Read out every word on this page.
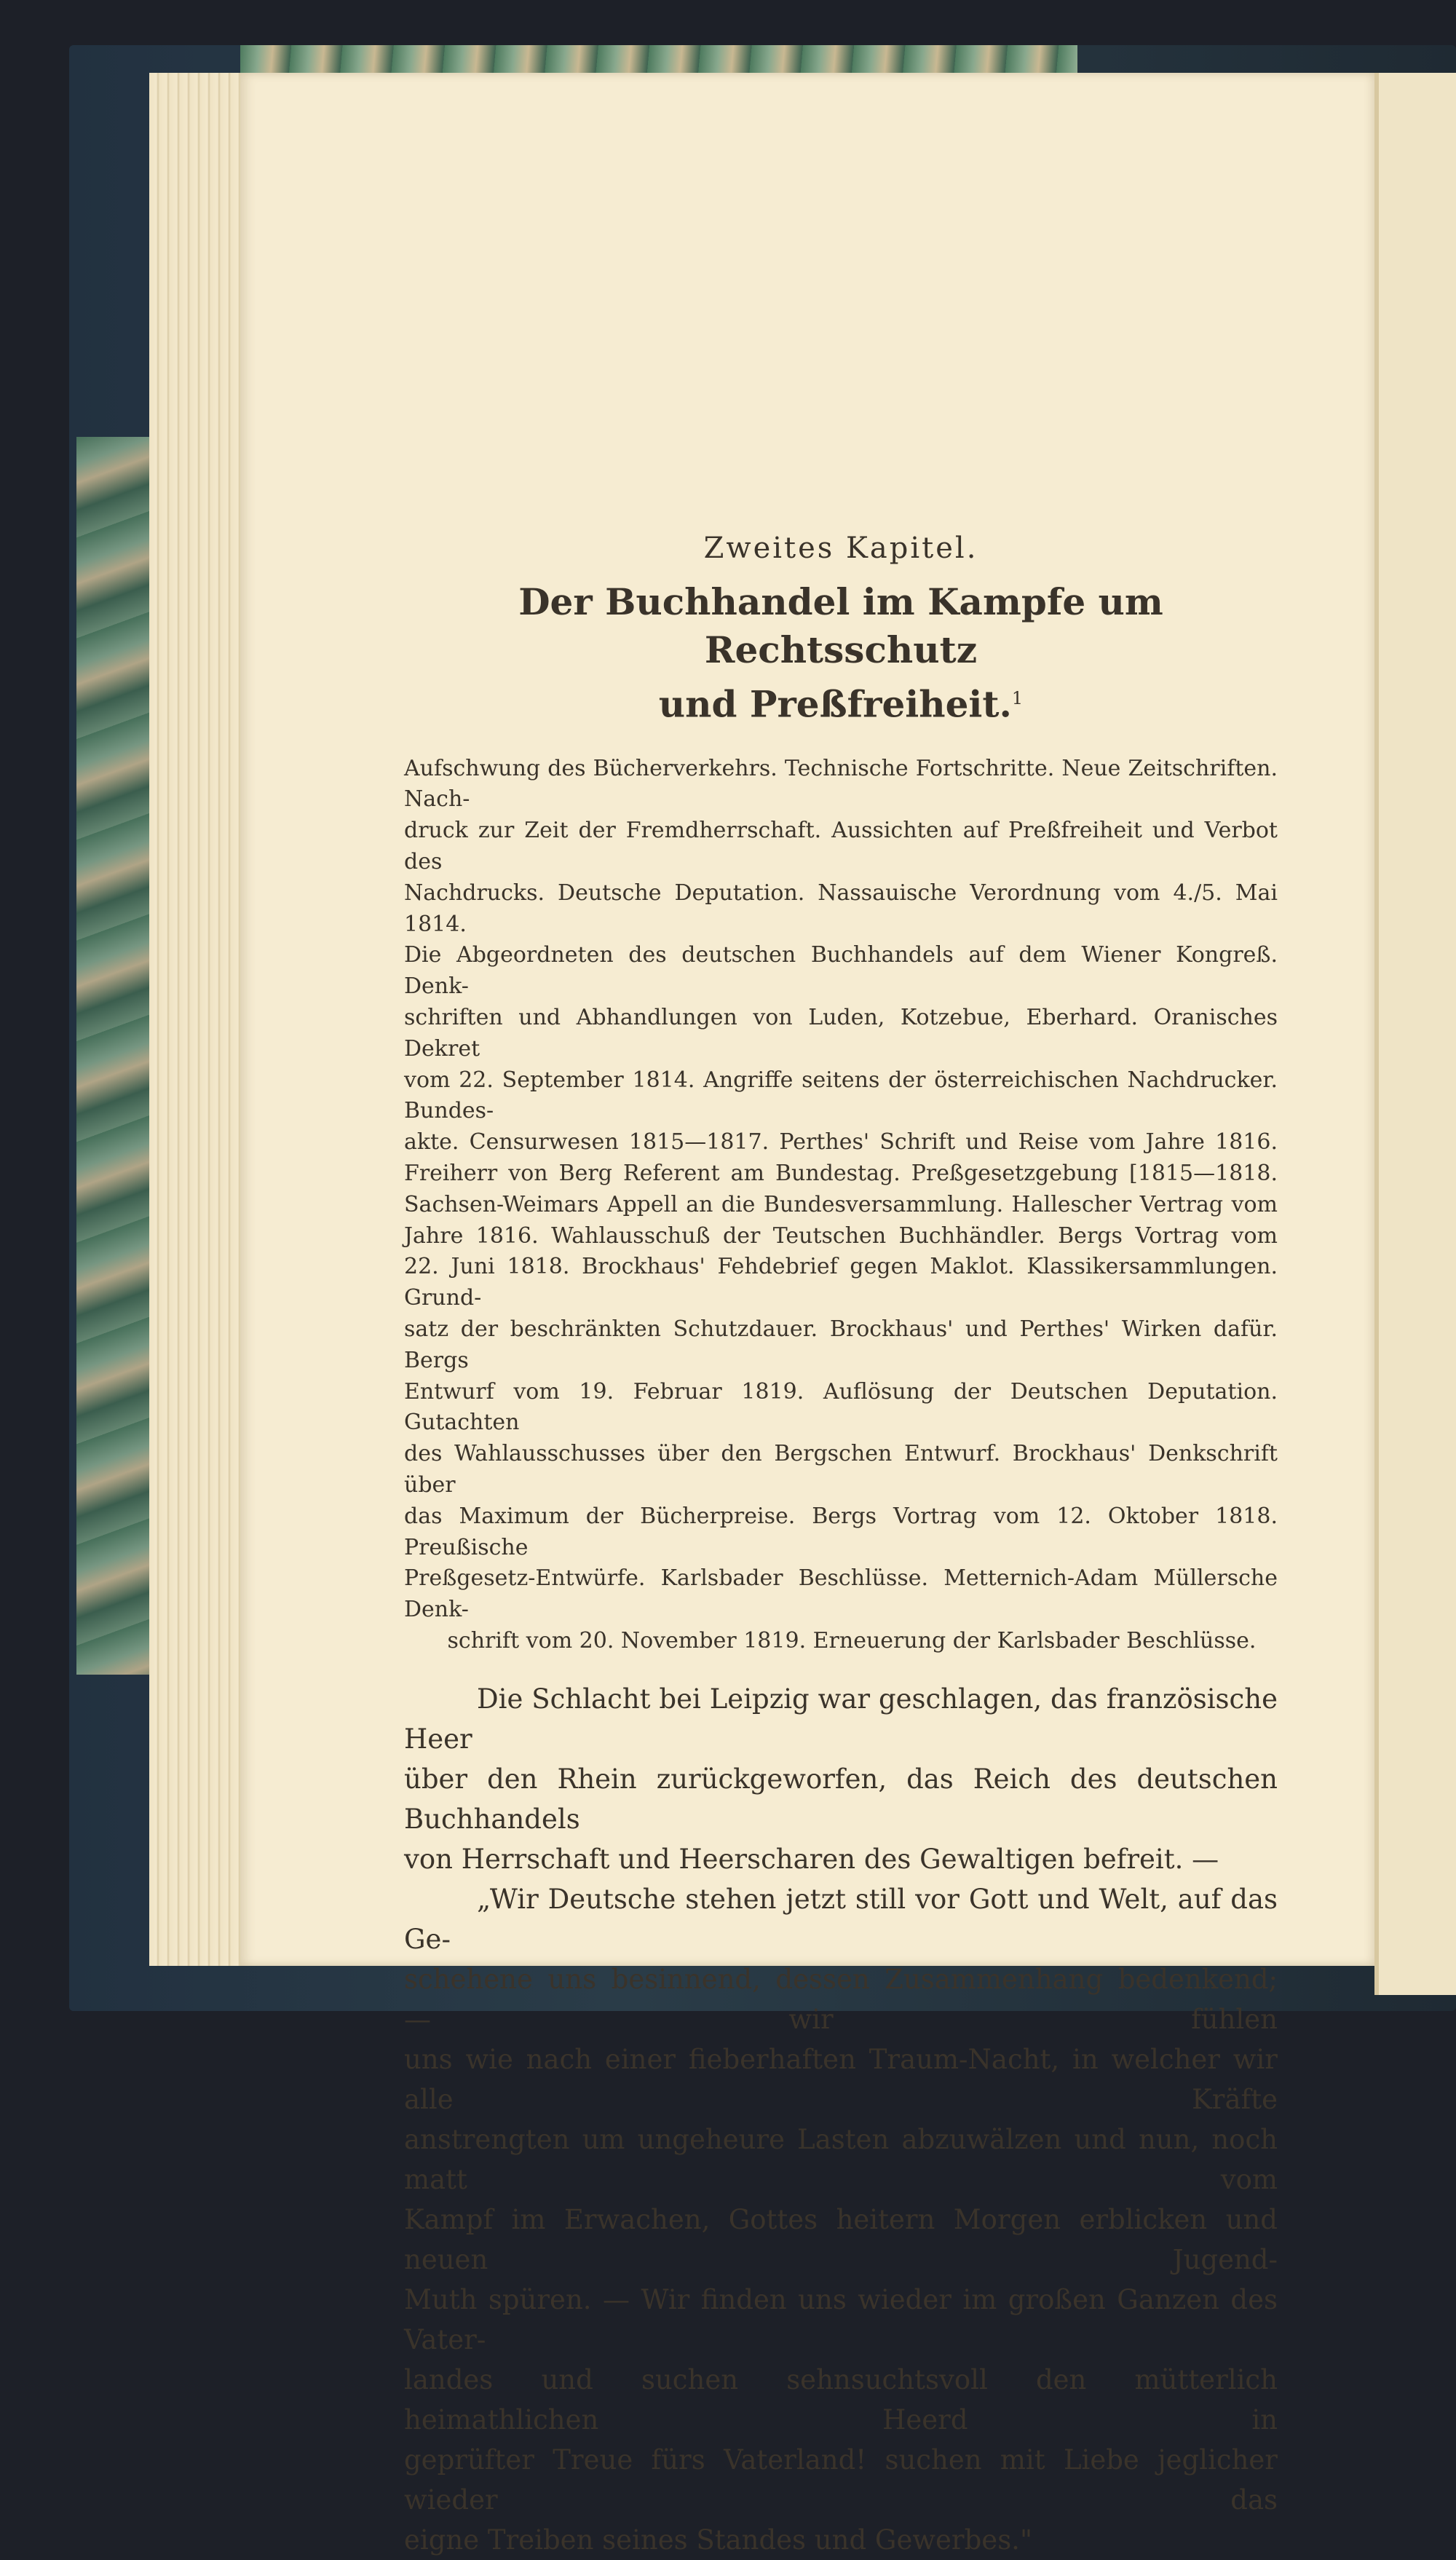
Zweites Kapitel.
Der Buchhandel im Kampfe um Rechtsschutz
und Preßfreiheit.$^1$
Aufschwung des Bücherverkehrs. Technische Fortschritte. Neue Zeitschriften. Nach-
druck zur Zeit der Fremdherrschaft. Aussichten auf Preßfreiheit und Verbot des
Nachdrucks. Deutsche Deputation. Nassauische Verordnung vom 4./5. Mai 1814.
Die Abgeordneten des deutschen Buchhandels auf dem Wiener Kongreß. Denk-
schriften und Abhandlungen von Luden, Kotzebue, Eberhard. Oranisches Dekret
vom 22. September 1814. Angriffe seitens der österreichischen Nachdrucker. Bundes-
akte. Censurwesen 1815—1817. Perthes' Schrift und Reise vom Jahre 1816.
Freiherr von Berg Referent am Bundestag. Preßgesetzgebung [1815—1818.
Sachsen-Weimars Appell an die Bundesversammlung. Hallescher Vertrag vom
Jahre 1816. Wahlausschuß der Teutschen Buchhändler. Bergs Vortrag vom
22. Juni 1818. Brockhaus' Fehdebrief gegen Maklot. Klassikersammlungen. Grund-
satz der beschränkten Schutzdauer. Brockhaus' und Perthes' Wirken dafür. Bergs
Entwurf vom 19. Februar 1819. Auflösung der Deutschen Deputation. Gutachten
des Wahlausschusses über den Bergschen Entwurf. Brockhaus' Denkschrift über
das Maximum der Bücherpreise. Bergs Vortrag vom 12. Oktober 1818. Preußische
Preßgesetz-Entwürfe. Karlsbader Beschlüsse. Metternich-Adam Müllersche Denk-
schrift vom 20. November 1819. Erneuerung der Karlsbader Beschlüsse.
Die Schlacht bei Leipzig war geschlagen, das französische Heer
über den Rhein zurückgeworfen, das Reich des deutschen Buchhandels
von Herrschaft und Heerscharen des Gewaltigen befreit. —
„Wir Deutsche stehen jetzt still vor Gott und Welt, auf das Ge-
schehene uns besinnend, dessen Zusammenhang bedenkend; — wir fühlen
uns wie nach einer fieberhaften Traum-Nacht, in welcher wir alle Kräfte
anstrengten um ungeheure Lasten abzuwälzen und nun, noch matt vom
Kampf im Erwachen, Gottes heitern Morgen erblicken und neuen Jugend-
Muth spüren. — Wir finden uns wieder im großen Ganzen des Vater-
landes und suchen sehnsuchtsvoll den mütterlich heimathlichen Heerd in
geprüfter Treue fürs Vaterland! suchen mit Liebe jeglicher wieder das
eigne Treiben seines Standes und Gewerbes."
